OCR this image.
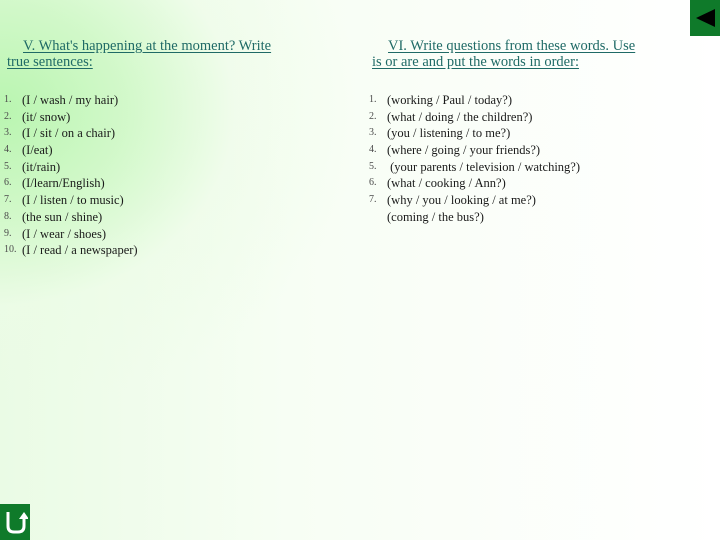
V. What's happening at the moment? Write
true sentences:
VI. Write questions from these words. Use
is or are and put the words in order:
1. (I / wash / my hair)
2. (it/ snow)
3. (I / sit / on a chair)
4. (I/eat)
5. (it/rain)
6. (I/learn/English)
7. (I / listen / to music)
8. (the sun / shine)
9. (I / wear / shoes)
10. (I / read / a newspaper)
1. (working / Paul / today?)
2. (what / doing / the children?)
3. (you / listening / to me?)
4. (where / going / your friends?)
5. (your parents / television / watching?)
6. (what / cooking / Ann?)
7. (why / you / looking / at me?)
(coming / the bus?)
